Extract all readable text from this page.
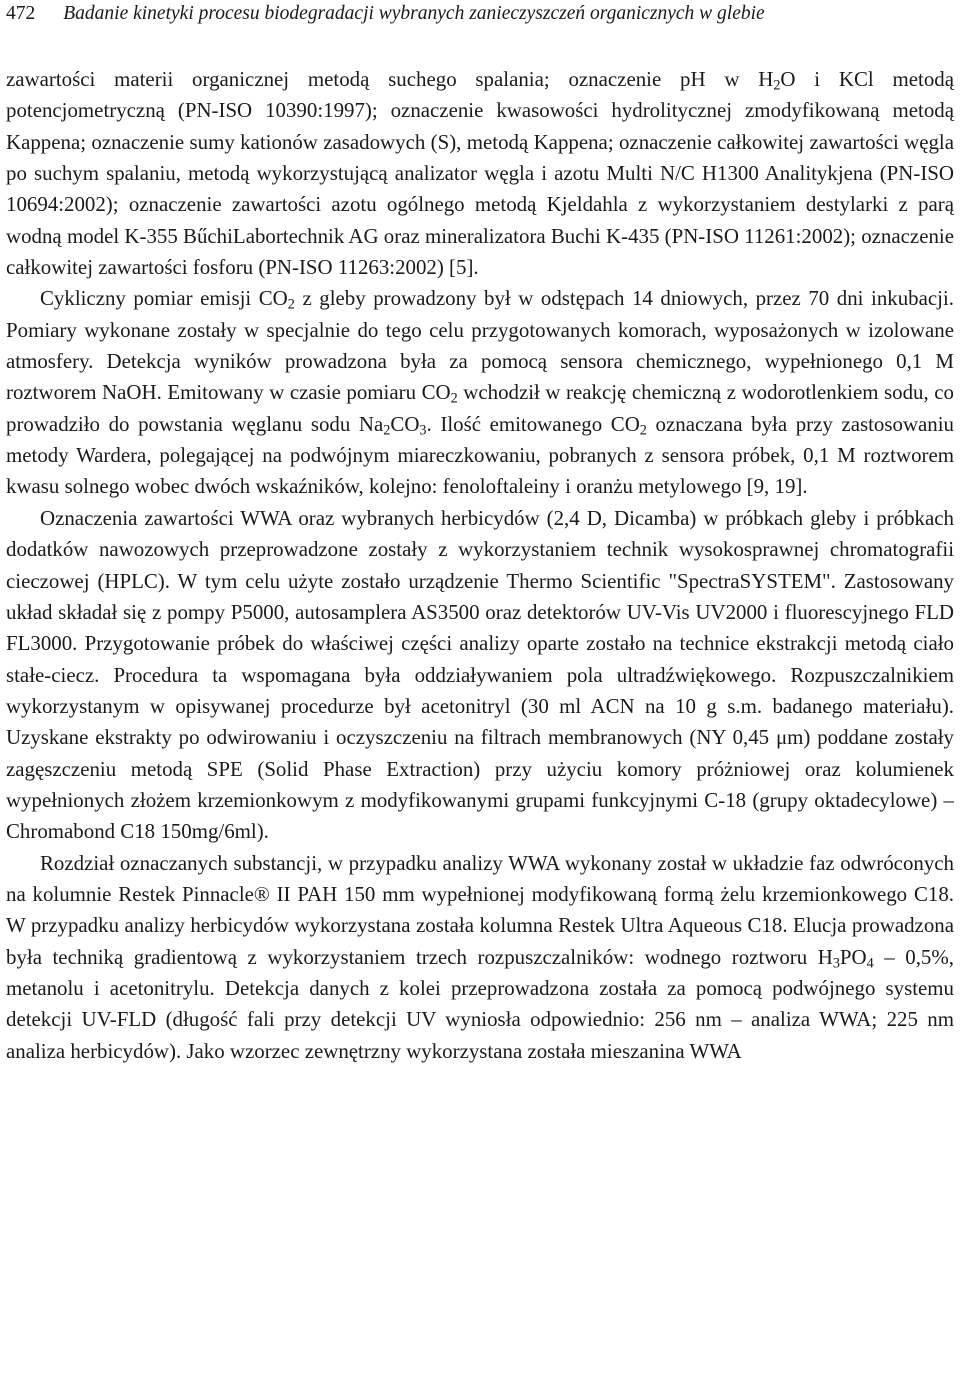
472 Badanie kinetyki procesu biodegradacji wybranych zanieczyszczeń organicznych w glebie

zawartości materii organicznej metodą suchego spalania; oznaczenie pH w $H_2O$ i KCl metodą potencjometryczną (PN-ISO 10390:1997); oznaczenie kwasowości hydrolitycznej zmodyfikowaną metodą Kappena; oznaczenie sumy kationów zasadowych (S), metodą Kappena; oznaczenie całkowitej zawartości węgla po suchym spalaniu, metodą wykorzystującą analizator węgla i azotu Multi N/C H1300 Analitykjena (PN-ISO 10694:2002); oznaczenie zawartości azotu ogólnego metodą Kjeldahla z wykorzystaniem destylarki z parą wodną model K-355 BűchiLabortechnik AG oraz mineralizatora Buchi K-435 (PN-ISO 11261:2002); oznaczenie całkowitej zawartości fosforu (PN-ISO 11263:2002) [5].

Cykliczny pomiar emisji $CO_2$ z gleby prowadzony był w odstępach 14 dniowych, przez 70 dni inkubacji. Pomiary wykonane zostały w specjalnie do tego celu przygotowanych komorach, wyposażonych w izolowane atmosfery. Detekcja wyników prowadzona była za pomocą sensora chemicznego, wypełnionego 0,1 M roztworem NaOH. Emitowany w czasie pomiaru $CO_2$ wchodził w reakcję chemiczną z wodorotlenkiem sodu, co prowadziło do powstania węglanu sodu $Na_2CO_3$. Ilość emitowanego $CO_2$ oznaczana była przy zastosowaniu metody Wardera, polegającej na podwójnym miareczkowaniu, pobranych z sensora próbek, 0,1 M roztworem kwasu solnego wobec dwóch wskaźników, kolejno: fenoloftaleiny i oranżu metylowego [9, 19].

Oznaczenia zawartości WWA oraz wybranych herbicydów (2,4 D, Dicamba) w próbkach gleby i próbkach dodatków nawozowych przeprowadzone zostały z wykorzystaniem technik wysokosprawnej chromatografii cieczowej (HPLC). W tym celu użyte zostało urządzenie Thermo Scientific "SpectraSYSTEM". Zastosowany układ składał się z pompy P5000, autosamplera AS3500 oraz detektorów UV-Vis UV2000 i fluorescyjnego FLD FL3000. Przygotowanie próbek do właściwej części analizy oparte zostało na technice ekstrakcji metodą ciało stałe-ciecz. Procedura ta wspomagana była oddziaływaniem pola ultradźwiękowego. Rozpuszczalnikiem wykorzystanym w opisywanej procedurze był acetonitryl (30 ml ACN na 10 g s.m. badanego materiału). Uzyskane ekstrakty po odwirowaniu i oczyszczeniu na filtrach membranowych (NY 0,45 μm) poddane zostały zagęszczeniu metodą SPE (Solid Phase Extraction) przy użyciu komory próżniowej oraz kolumienek wypełnionych złożem krzemionkowym z modyfikowanymi grupami funkcyjnymi C-18 (grupy oktadecylowe) – Chromabond C18 150mg/6ml).

Rozdział oznaczanych substancji, w przypadku analizy WWA wykonany został w układzie faz odwróconych na kolumnie Restek Pinnacle® II PAH 150 mm wypełnionej modyfikowaną formą żelu krzemionkowego C18. W przypadku analizy herbicydów wykorzystana została kolumna Restek Ultra Aqueous C18. Elucja prowadzona była techniką gradientową z wykorzystaniem trzech rozpuszczalników: wodnego roztworu $H_3PO_4 - 0,5\%$, metanolu i acetonitrylu. Detekcja danych z kolei przeprowadzona została za pomocą podwójnego systemu detekcji UV-FLD (długość fali przy detekcji UV wyniosła odpowiednio: 256 nm – analiza WWA; 225 nm analiza herbicydów). Jako wzorzec zewnętrzny wykorzystana została mieszanina WWA
